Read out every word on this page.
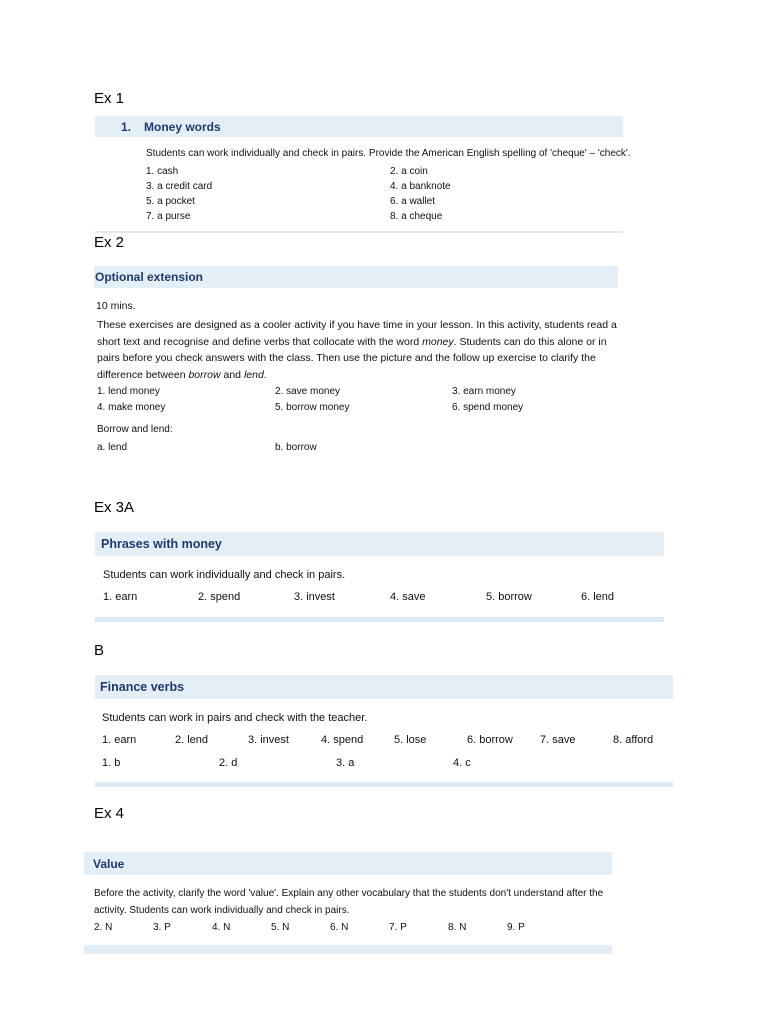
Ex 1
1. Money words
Students can work individually and check in pairs. Provide the American English spelling of 'cheque' – 'check'.
1. cash	2. a coin
3. a credit card	4. a banknote
5. a pocket	6. a wallet
7. a purse	8. a cheque
Ex 2
Optional extension
10 mins.
These exercises are designed as a cooler activity if you have time in your lesson. In this activity, students read a short text and recognise and define verbs that collocate with the word money. Students can do this alone or in pairs before you check answers with the class. Then use the picture and the follow up exercise to clarify the difference between borrow and lend.
1. lend money	2. save money	3. earn money
4. make money	5. borrow money	6. spend money
Borrow and lend:
a. lend	b. borrow
Ex 3A
Phrases with money
Students can work individually and check in pairs.
1. earn	2. spend	3. invest	4. save	5. borrow	6. lend
B
Finance verbs
Students can work in pairs and check with the teacher.
1. earn	2. lend	3. invest	4. spend	5. lose	6. borrow 7. save	8. afford
1. b	2. d	3. a	4. c
Ex 4
Value
Before the activity, clarify the word 'value'. Explain any other vocabulary that the students don't understand after the activity. Students can work individually and check in pairs.
2. N	3. P	4. N	5. N	6. N	7. P	8. N	9. P
